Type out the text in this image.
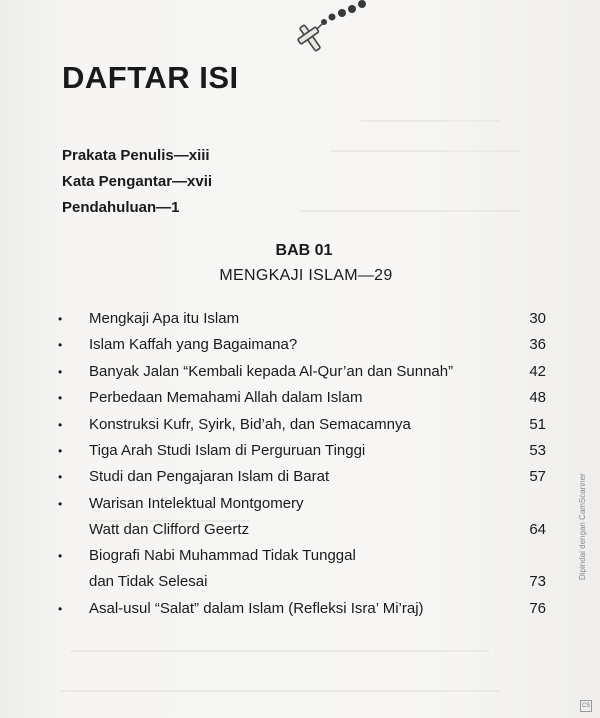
DAFTAR ISI
Prakata Penulis—xiii
Kata Pengantar—xvii
Pendahuluan—1
BAB 01
MENGKAJI ISLAM—29
• Mengkaji Apa itu Islam	30
• Islam Kaffah yang Bagaimana?	36
• Banyak Jalan “Kembali kepada Al-Qur’an dan Sunnah”	42
• Perbedaan Memahami Allah dalam Islam	48
• Konstruksi Kufr, Syirk, Bid’ah, dan Semacamnya	51
• Tiga Arah Studi Islam di Perguruan Tinggi	53
• Studi dan Pengajaran Islam di Barat	57
• Warisan Intelektual Montgomery
Watt dan Clifford Geertz	64
• Biografi Nabi Muhammad Tidak Tunggal
dan Tidak Selesai	73
• Asal-usul “Salat” dalam Islam (Refleksi Isra’ Mi’raj)	76
Dipindai dengan CamScanner
CS
